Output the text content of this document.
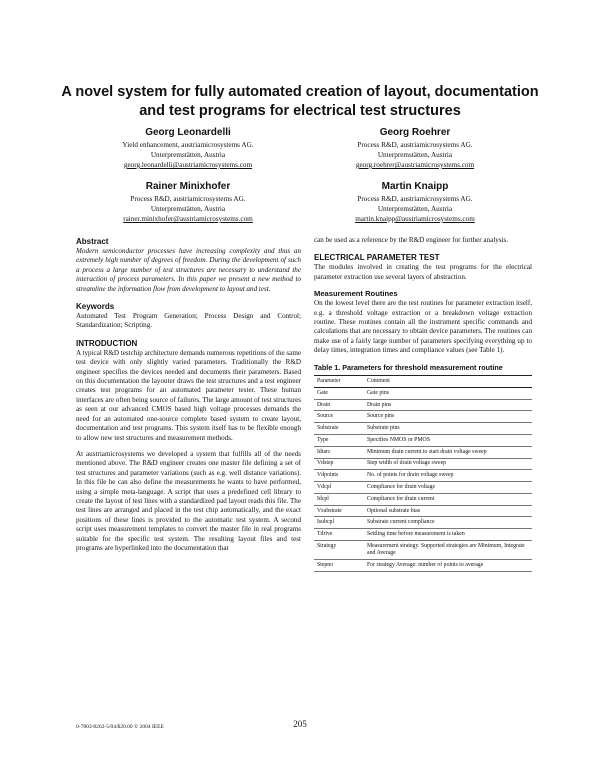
A novel system for fully automated creation of layout, documentation and test programs for electrical test structures
Georg Leonardelli
Yield enhancement, austriamicrosystems AG.
Unterpremstätten, Austria
georg.leonardelli@austriamicrosystems.com
Georg Roehrer
Process R&D, austriamicrosystems AG.
Unterpremstätten, Austria
georg.roehrer@austriamicrosystems.com
Rainer Minixhofer
Process R&D, austriamicrosystems AG.
Unterpremstätten, Austria
rainer.minixhofer@austriamicrosystems.com
Martin Knaipp
Process R&D, austriamicrosystems AG.
Unterpremstätten, Austria
martin.knaipp@austriamicrosystems.com
Abstract

Modern semiconductor processes have increasing complexity and thus an extremely high number of degrees of freedom. During the development of such a process a large number of test structures are necessary to understand the interaction of process parameters. In this paper we present a new method to streamline the information flow from development to layout and test.

Keywords

Automated Test Program Generation; Process Design and Control; Standardization; Scripting.

INTRODUCTION

A typical R&D testchip architecture demands numerous repetitions of the same test device with only slightly varied parameters. Traditionally the R&D engineer specifies the devices needed and documents their parameters. Based on this documentation the layouter draws the test structures and a test engineer creates test programs for an automated parameter tester. These human interfaces are often being source of failures. The large amount of test structures as seen at our advanced CMOS based high voltage processes demands the need for an automated one-source complete based system to create layout, documentation and test programs. This system itself has to be flexible enough to allow new test structures and measurement methods.

At austriamicrosystems we developed a system that fulfills all of the needs mentioned above. The R&D engineer creates one master file defining a set of test structures and parameter variations (such as e.g. well distance variations). In this file he can also define the measurements he wants to have performed, using a simple meta-language. A script that uses a predefined cell library to create the layout of test lines with a standardized pad layout reads this file. The test lines are arranged and placed in the test chip automatically, and the exact positions of these lines is provided to the automatic test system. A second script uses measurement templates to convert the master file in real programs suitable for the specific test system. The resulting layout files and test programs are hyperlinked into the documentation that

can be used as a reference by the R&D engineer for further analysis.

ELECTRICAL PARAMETER TEST

The modules involved in creating the test programs for the electrical parameter extraction use several layers of abstraction.

Measurement Routines

On the lowest level there are the test routines for parameter extraction itself, e.g. a threshold voltage extraction or a breakdown voltage extraction routine. These routines contain all the instrument specific commands and calculations that are necessary to obtain device parameters. The routines can make use of a fairly large number of parameters specifying everything up to delay times, integration times and compliance values (see Table 1).

Table 1. Parameters for threshold measurement routine
Parameter	Comment
Gate	Gate pins
Drain	Drain pins
Source	Source pins
Substrate	Substrate pins
Type	Specifies NMOS or PMOS
Idtarc	Minimum drain current to start drain voltage sweep
Vdstep	Step width of drain voltage sweep
Vdpoints	No. of points for drain voltage sweep
Vdcpl	Compliance for drain voltage
Idcpl	Compliance for drain current
Vsubstrate	Optional substrate bias
Isubcpl	Substrate current compliance
Tdrive	Settling time before measurement is taken
Strategy	Measurement strategy. Supported strategies are Minimum, Integrate and Average
Stepno	For strategy Average: number of points to average
0-7803-8262-5/04/$20.00 © 2004 IEEE	205
